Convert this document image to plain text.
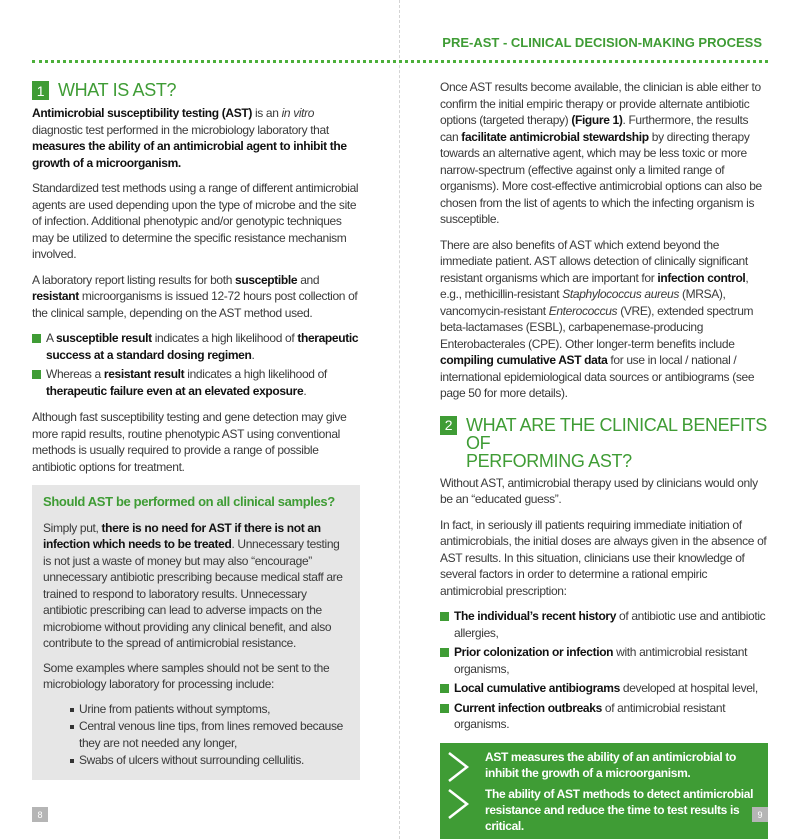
PRE-AST - CLINICAL DECISION-MAKING PROCESS
1 WHAT IS AST?

Antimicrobial susceptibility testing (AST) is an in vitro diagnostic test performed in the microbiology laboratory that measures the ability of an antimicrobial agent to inhibit the growth of a microorganism.

Standardized test methods using a range of different antimicrobial agents are used depending upon the type of microbe and the site of infection. Additional phenotypic and/or genotypic techniques may be utilized to determine the specific resistance mechanism involved.

A laboratory report listing results for both susceptible and resistant microorganisms is issued 12-72 hours post collection of the clinical sample, depending on the AST method used.

A susceptible result indicates a high likelihood of therapeutic success at a standard dosing regimen.
Whereas a resistant result indicates a high likelihood of therapeutic failure even at an elevated exposure.

Although fast susceptibility testing and gene detection may give more rapid results, routine phenotypic AST using conventional methods is usually required to provide a range of possible antibiotic options for treatment.

Should AST be performed on all clinical samples?

Simply put, there is no need for AST if there is not an infection which needs to be treated. Unnecessary testing is not just a waste of money but may also “encourage” unnecessary antibiotic prescribing because medical staff are trained to respond to laboratory results. Unnecessary antibiotic prescribing can lead to adverse impacts on the microbiome without providing any clinical benefit, and also contribute to the spread of antimicrobial resistance.

Some examples where samples should not be sent to the microbiology laboratory for processing include:

Urine from patients without symptoms,
Central venous line tips, from lines removed because they are not needed any longer,
Swabs of ulcers without surrounding cellulitis.
8

Once AST results become available, the clinician is able either to confirm the initial empiric therapy or provide alternate antibiotic options (targeted therapy) (Figure 1). Furthermore, the results can facilitate antimicrobial stewardship by directing therapy towards an alternative agent, which may be less toxic or more narrow-spectrum (effective against only a limited range of organisms). More cost-effective antimicrobial options can also be chosen from the list of agents to which the infecting organism is susceptible.

There are also benefits of AST which extend beyond the immediate patient. AST allows detection of clinically significant resistant organisms which are important for infection control, e.g., methicillin-resistant Staphylococcus aureus (MRSA), vancomycin-resistant Enterococcus (VRE), extended spectrum beta-lactamases (ESBL), carbapenemase-producing Enterobacterales (CPE). Other longer-term benefits include compiling cumulative AST data for use in local / national / international epidemiological data sources or antibiograms (see page 50 for more details).

2 WHAT ARE THE CLINICAL BENEFITS OF
PERFORMING AST?

Without AST, antimicrobial therapy used by clinicians would only be an “educated guess”.

In fact, in seriously ill patients requiring immediate initiation of antimicrobials, the initial doses are always given in the absence of AST results. In this situation, clinicians use their knowledge of several factors in order to determine a rational empiric antimicrobial prescription:

The individual’s recent history of antibiotic use and antibiotic allergies,
Prior colonization or infection with antimicrobial resistant organisms,
Local cumulative antibiograms developed at hospital level,
Current infection outbreaks of antimicrobial resistant organisms.
AST measures the ability of an antimicrobial to inhibit the growth of a microorganism.
The ability of AST methods to detect antimicrobial resistance and reduce the time to test results is critical.
9
